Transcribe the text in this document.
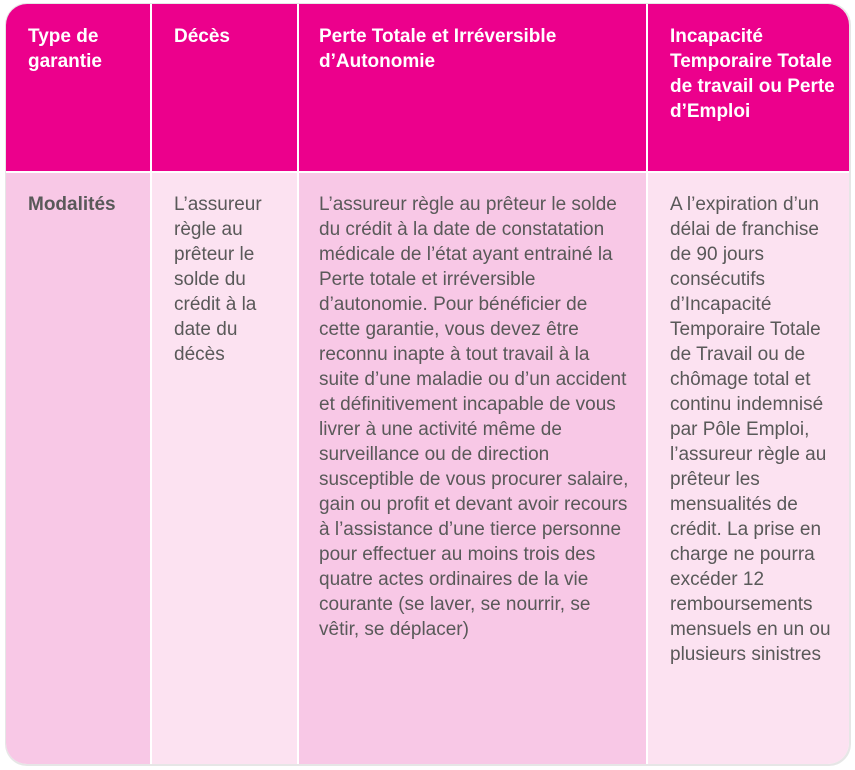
Type de garantie
Décès	Perte Totale et Irréversible d’Autonomie
Incapacité Temporaire Totale de travail ou Perte d’Emploi
Modalités	L’assureur règle au prêteur le solde du crédit à la date du décès
L’assureur règle au prêteur le solde du crédit à la date de constatation médicale de l’état ayant entrainé la Perte totale et irréversible d’autonomie. Pour bénéficier de cette garantie, vous devez être reconnu inapte à tout travail à la suite d’une maladie ou d’un accident et définitivement incapable de vous livrer à une activité même de surveillance ou de direction susceptible de vous procurer salaire, gain ou profit et devant avoir recours à l’assistance d’une tierce personne pour effectuer au moins trois des quatre actes ordinaires de la vie courante (se laver, se nourrir, se vêtir, se déplacer)
A l’expiration d’un délai de franchise de 90 jours consécutifs d’Incapacité Temporaire Totale de Travail ou de chômage total et continu indemnisé par Pôle Emploi, l’assureur règle au prêteur les mensualités de crédit. La prise en charge ne pourra excéder 12 remboursements mensuels en un ou plusieurs sinistres
